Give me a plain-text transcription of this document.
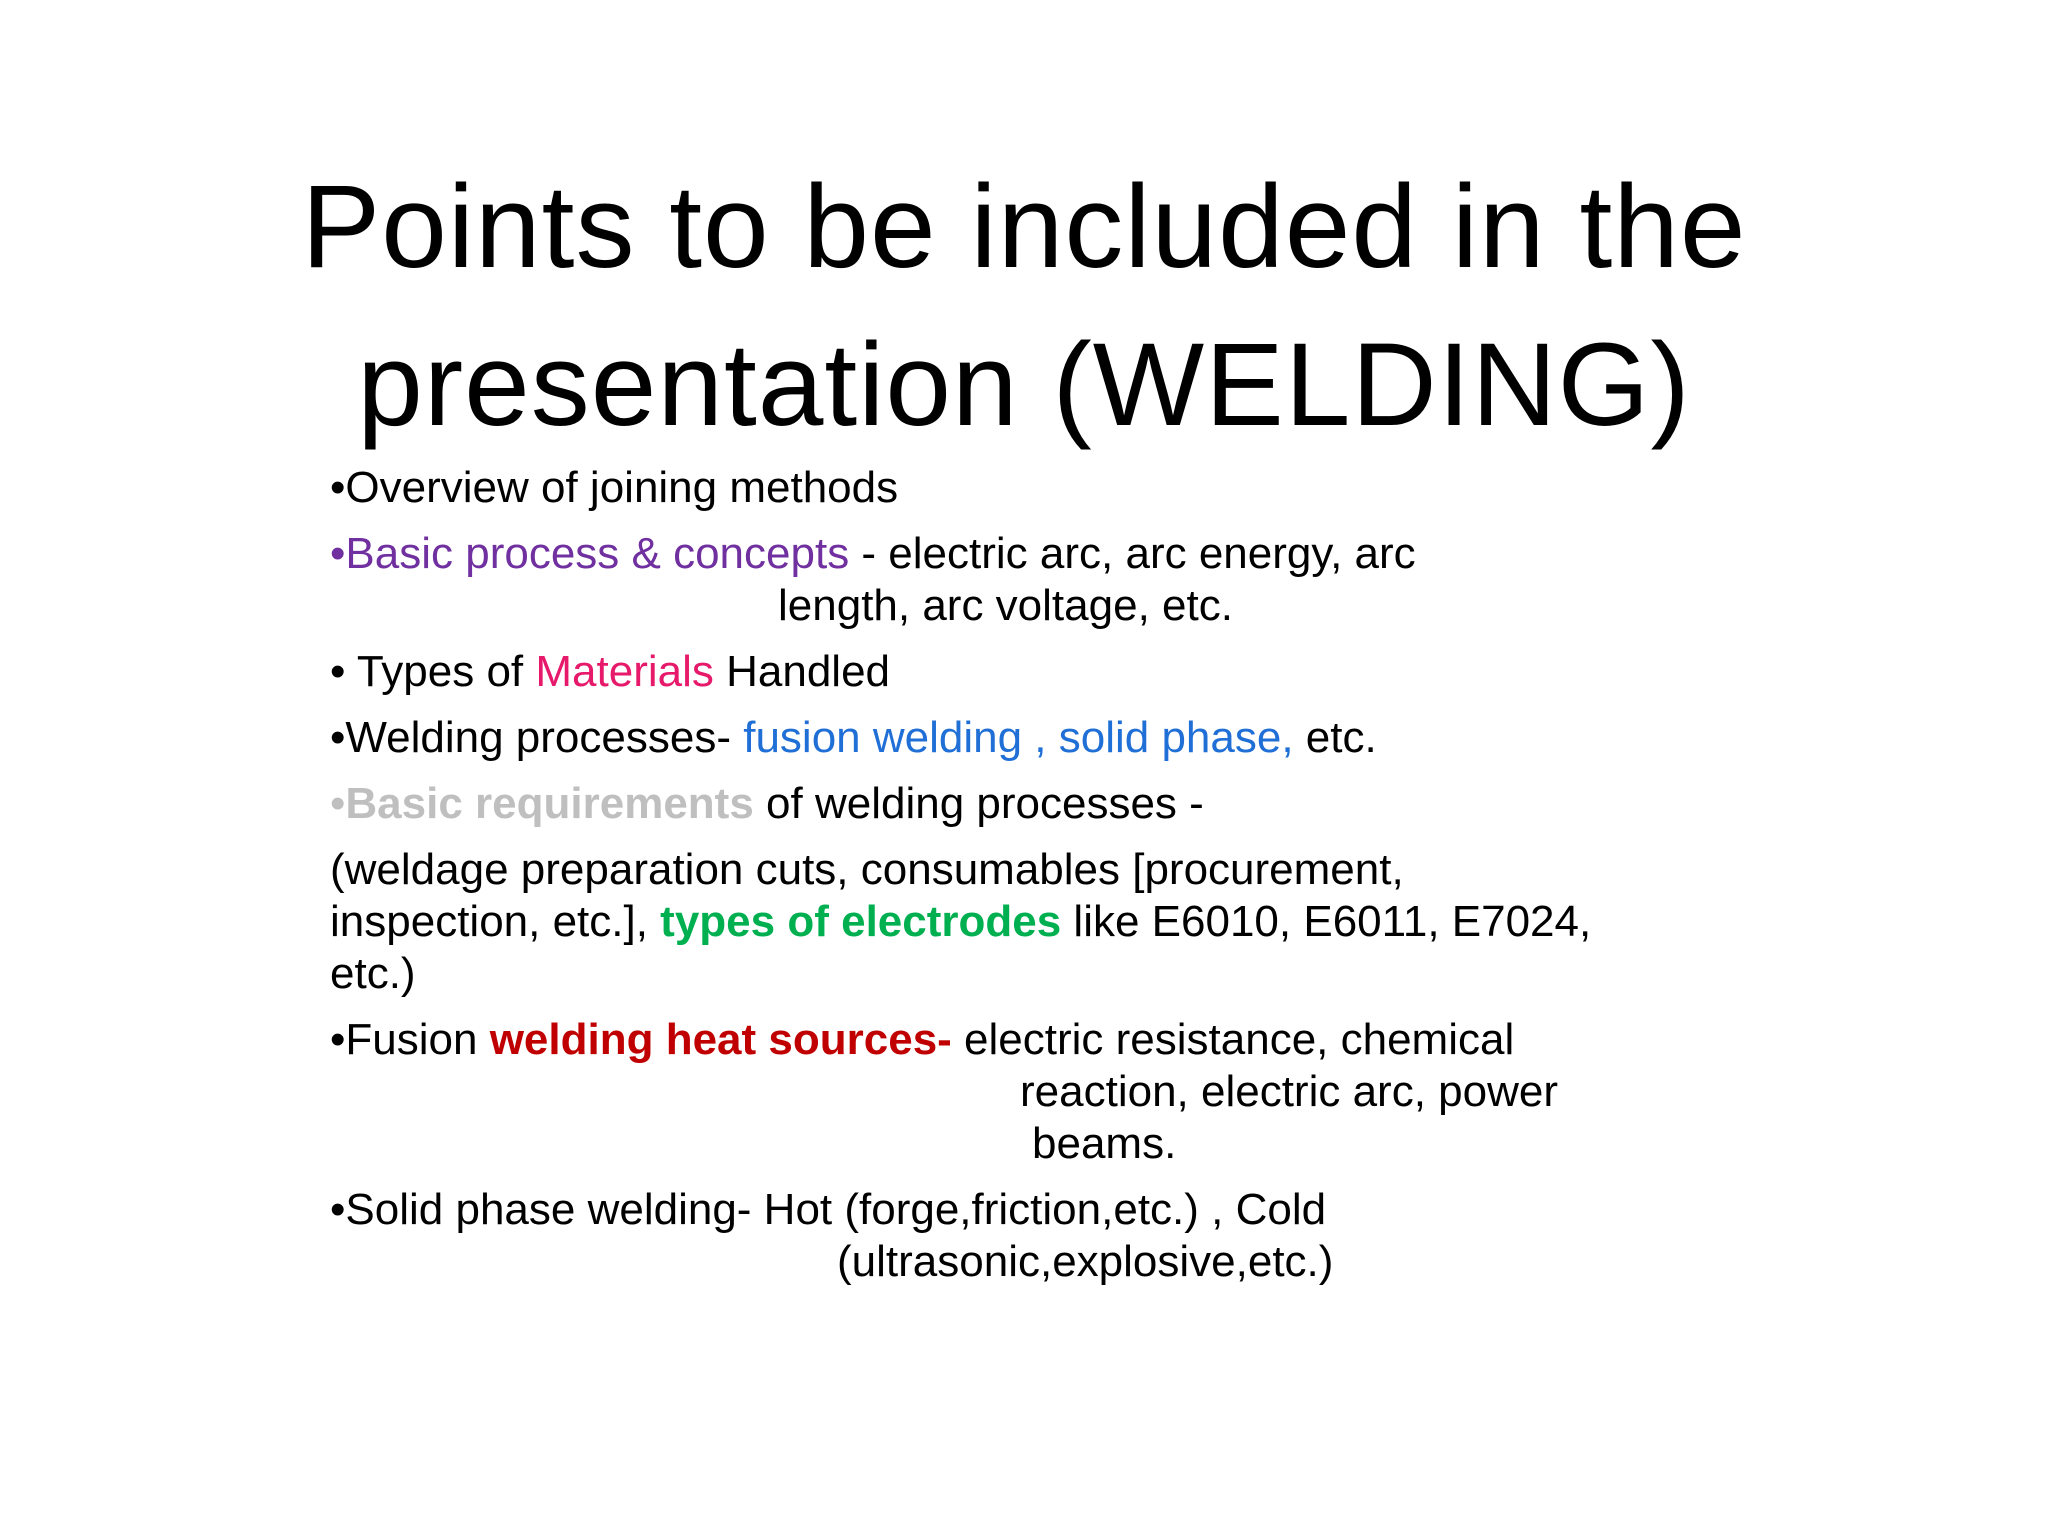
Points to be included in the
presentation (WELDING)
•Overview of joining methods
•Basic process & concepts - electric arc, arc energy, arc
length, arc voltage, etc.
• Types of Materials Handled
•Welding processes- fusion welding , solid phase, etc.
•Basic requirements of welding processes -
(weldage preparation cuts, consumables [procurement,
inspection, etc.], types of electrodes like E6010, E6011, E7024,
etc.)
•Fusion welding heat sources- electric resistance, chemical
reaction, electric arc, power
beams.
•Solid phase welding- Hot (forge,friction,etc.) , Cold
(ultrasonic,explosive,etc.)
